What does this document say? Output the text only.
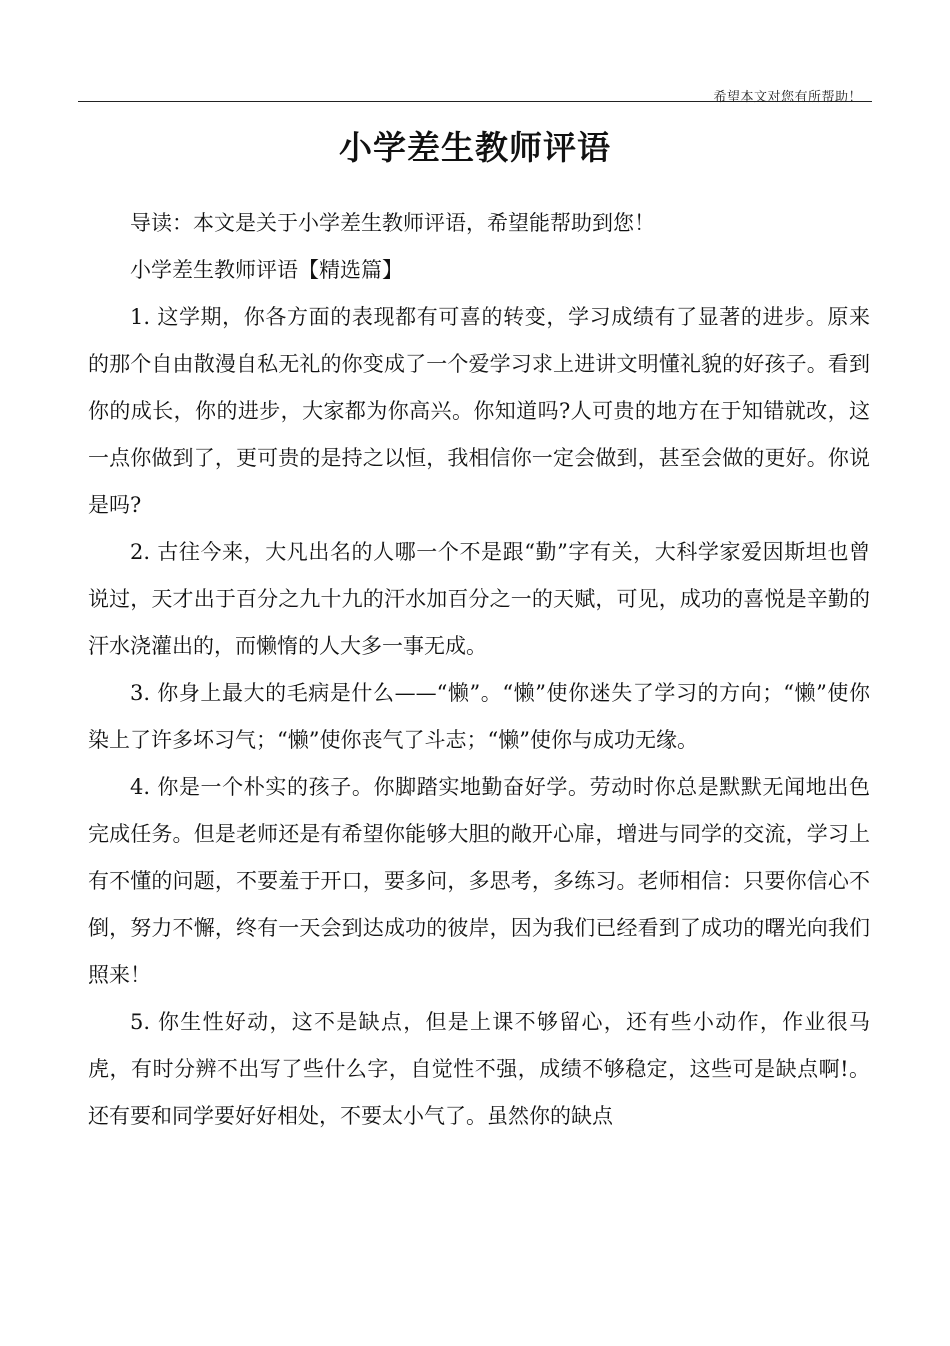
希望本文对您有所帮助！
小学差生教师评语

导读：本文是关于小学差生教师评语，希望能帮助到您！

小学差生教师评语【精选篇】

1. 这学期，你各方面的表现都有可喜的转变，学习成绩有了显著的进步。原来的那个自由散漫自私无礼的你变成了一个爱学习求上进讲文明懂礼貌的好孩子。看到你的成长，你的进步，大家都为你高兴。你知道吗?人可贵的地方在于知错就改，这一点你做到了，更可贵的是持之以恒，我相信你一定会做到，甚至会做的更好。你说是吗?

2. 古往今来，大凡出名的人哪一个不是跟“勤”字有关，大科学家爱因斯坦也曾说过，天才出于百分之九十九的汗水加百分之一的天赋，可见，成功的喜悦是辛勤的汗水浇灌出的，而懒惰的人大多一事无成。

3. 你身上最大的毛病是什么——“懒”。“懒”使你迷失了学习的方向；“懒”使你染上了许多坏习气；“懒”使你丧气了斗志；“懒”使你与成功无缘。

4. 你是一个朴实的孩子。你脚踏实地勤奋好学。劳动时你总是默默无闻地出色完成任务。但是老师还是有希望你能够大胆的敞开心扉，增进与同学的交流，学习上有不懂的问题，不要羞于开口，要多问，多思考，多练习。老师相信：只要你信心不倒，努力不懈，终有一天会到达成功的彼岸，因为我们已经看到了成功的曙光向我们照来！

5. 你生性好动，这不是缺点，但是上课不够留心，还有些小动作，作业很马虎，有时分辨不出写了些什么字，自觉性不强，成绩不够稳定，这些可是缺点啊!。还有要和同学要好好相处，不要太小气了。虽然你的缺点
